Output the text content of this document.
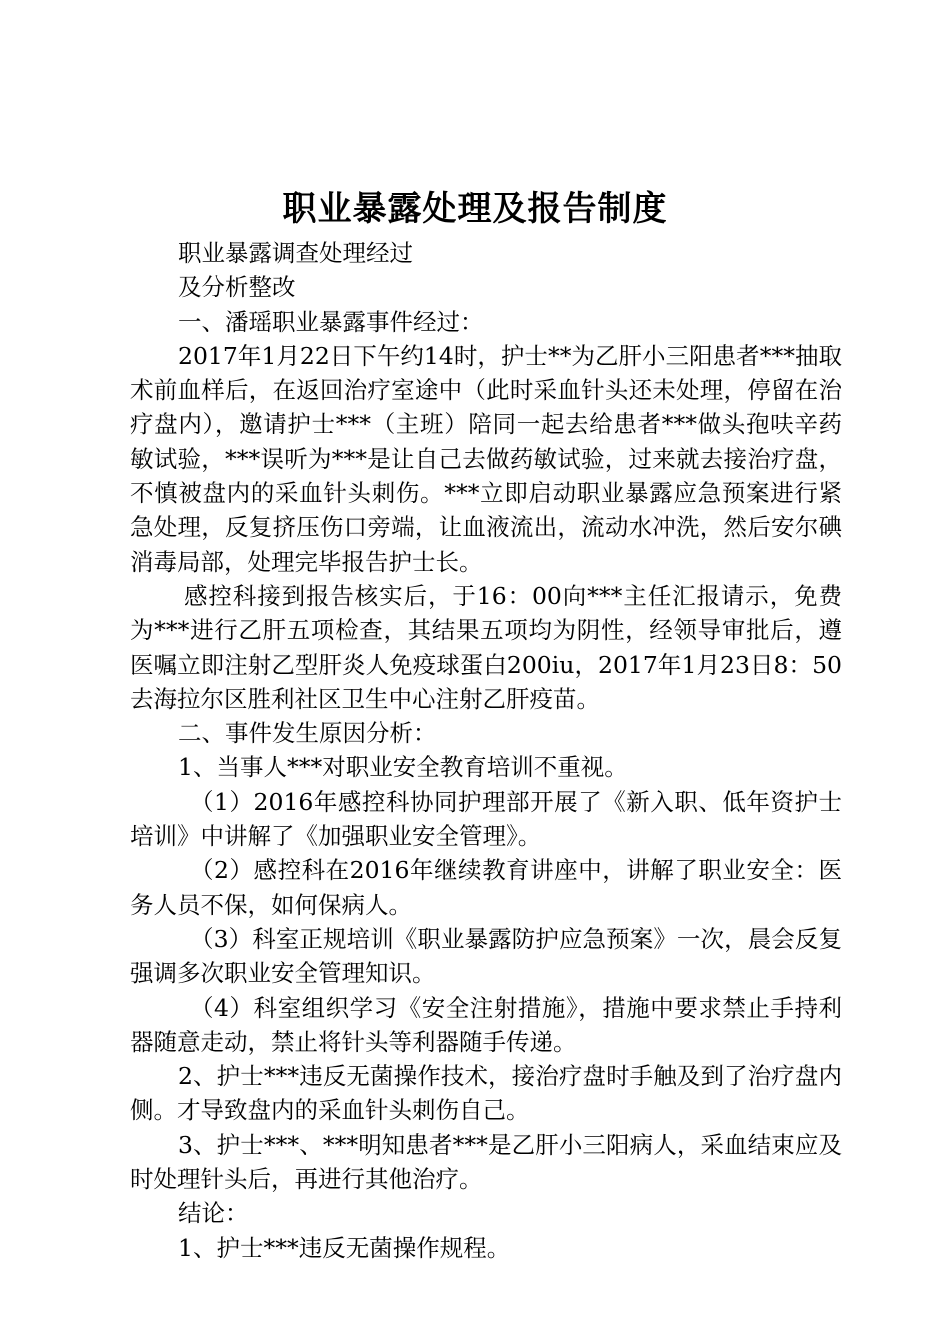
职业暴露处理及报告制度

职业暴露调查处理经过

及分析整改

一、潘瑶职业暴露事件经过：

2017年1月22日下午约14时，护士**为乙肝小三阳患者***抽取术前血样后，在返回治疗室途中（此时采血针头还未处理，停留在治疗盘内），邀请护士***（主班）陪同一起去给患者***做头孢呋辛药敏试验，***误听为***是让自己去做药敏试验，过来就去接治疗盘，不慎被盘内的采血针头刺伤。***立即启动职业暴露应急预案进行紧急处理，反复挤压伤口旁端，让血液流出，流动水冲洗，然后安尔碘消毒局部，处理完毕报告护士长。

感控科接到报告核实后，于16：00向***主任汇报请示，免费为***进行乙肝五项检查，其结果五项均为阴性，经领导审批后，遵医嘱立即注射乙型肝炎人免疫球蛋白200iu，2017年1月23日8：50去海拉尔区胜利社区卫生中心注射乙肝疫苗。

二、事件发生原因分析：

1、当事人***对职业安全教育培训不重视。

（1）2016年感控科协同护理部开展了《新入职、低年资护士培训》中讲解了《加强职业安全管理》。

（2）感控科在2016年继续教育讲座中，讲解了职业安全：医务人员不保，如何保病人。

（3）科室正规培训《职业暴露防护应急预案》一次，晨会反复强调多次职业安全管理知识。

（4）科室组织学习《安全注射措施》，措施中要求禁止手持利器随意走动，禁止将针头等利器随手传递。

2、护士***违反无菌操作技术，接治疗盘时手触及到了治疗盘内侧。才导致盘内的采血针头刺伤自己。

3、护士***、***明知患者***是乙肝小三阳病人，采血结束应及时处理针头后，再进行其他治疗。

结论：

1、护士***违反无菌操作规程。
